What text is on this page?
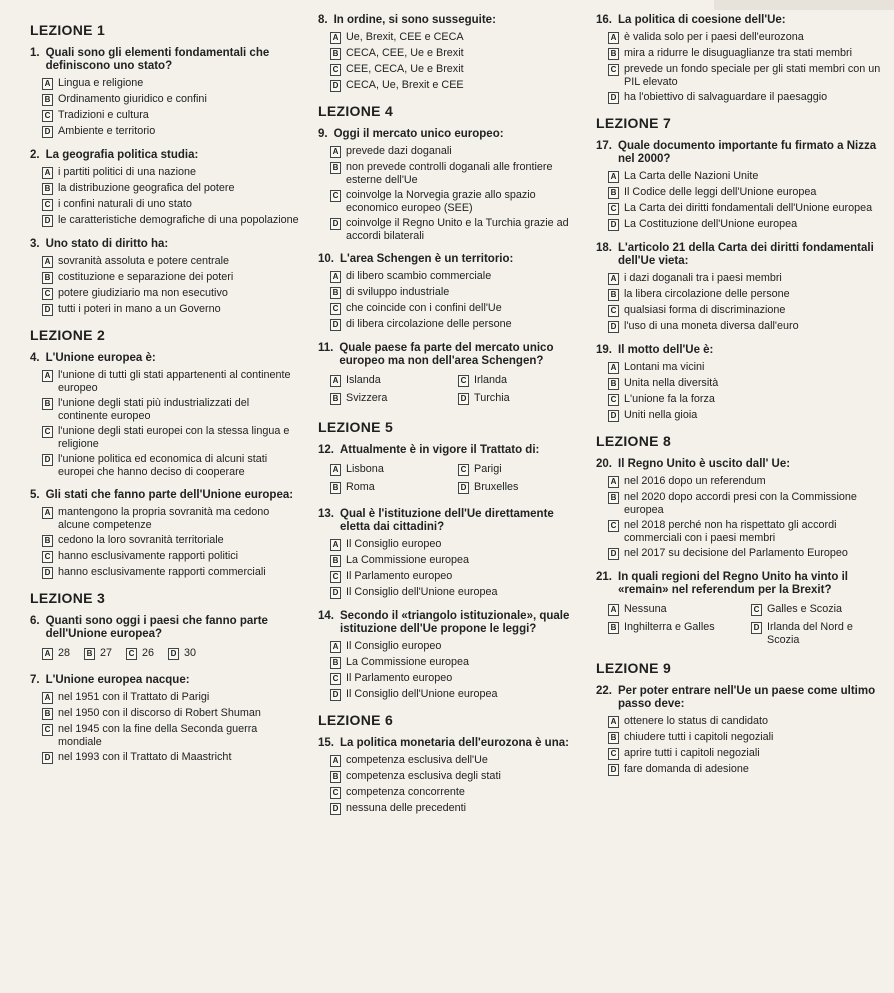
LEZIONE 1
1. Quali sono gli elementi fondamentali che definiscono uno stato?
A Lingua e religione
B Ordinamento giuridico e confini
C Tradizioni e cultura
D Ambiente e territorio
2. La geografia politica studia:
A i partiti politici di una nazione
B la distribuzione geografica del potere
C i confini naturali di uno stato
D le caratteristiche demografiche di una popolazione
3. Uno stato di diritto ha:
A sovranità assoluta e potere centrale
B costituzione e separazione dei poteri
C potere giudiziario ma non esecutivo
D tutti i poteri in mano a un Governo
LEZIONE 2
4. L'Unione europea è:
A l'unione di tutti gli stati appartenenti al continente europeo
B l'unione degli stati più industrializzati del continente europeo
C l'unione degli stati europei con la stessa lingua e religione
D l'unione politica ed economica di alcuni stati europei che hanno deciso di cooperare
5. Gli stati che fanno parte dell'Unione europea:
A mantengono la propria sovranità ma cedono alcune competenze
B cedono la loro sovranità territoriale
C hanno esclusivamente rapporti politici
D hanno esclusivamente rapporti commerciali
LEZIONE 3
6. Quanti sono oggi i paesi che fanno parte dell'Unione europea?
A 28	B 27	C 26	D 30
7. L'Unione europea nacque:
A nel 1951 con il Trattato di Parigi
B nel 1950 con il discorso di Robert Shuman
C nel 1945 con la fine della Seconda guerra mondiale
D nel 1993 con il Trattato di Maastricht
8. In ordine, si sono susseguite:
A Ue, Brexit, CEE e CECA
B CECA, CEE, Ue e Brexit
C CEE, CECA, Ue e Brexit
D CECA, Ue, Brexit e CEE
LEZIONE 4
9. Oggi il mercato unico europeo:
A prevede dazi doganali
B non prevede controlli doganali alle frontiere esterne dell'Ue
C coinvolge la Norvegia grazie allo spazio economico europeo (SEE)
D coinvolge il Regno Unito e la Turchia grazie ad accordi bilaterali
10. L'area Schengen è un territorio:
A di libero scambio commerciale
B di sviluppo industriale
C che coincide con i confini dell'Ue
D di libera circolazione delle persone
11. Quale paese fa parte del mercato unico europeo ma non dell'area Schengen?
A Islanda	C Irlanda
B Svizzera	D Turchia
LEZIONE 5
12. Attualmente è in vigore il Trattato di:
A Lisbona	C Parigi
B Roma	D Bruxelles
13. Qual è l'istituzione dell'Ue direttamente eletta dai cittadini?
A Il Consiglio europeo
B La Commissione europea
C Il Parlamento europeo
D Il Consiglio dell'Unione europea
14. Secondo il «triangolo istituzionale», quale istituzione dell'Ue propone le leggi?
A Il Consiglio europeo
B La Commissione europea
C Il Parlamento europeo
D Il Consiglio dell'Unione europea
LEZIONE 6
15. La politica monetaria dell'eurozona è una:
A competenza esclusiva dell'Ue
B competenza esclusiva degli stati
C competenza concorrente
D nessuna delle precedenti
16. La politica di coesione dell'Ue:
A è valida solo per i paesi dell'eurozona
B mira a ridurre le disuguaglianze tra stati membri
C prevede un fondo speciale per gli stati membri con un PIL elevato
D ha l'obiettivo di salvaguardare il paesaggio
LEZIONE 7
17. Quale documento importante fu firmato a Nizza nel 2000?
A La Carta delle Nazioni Unite
B Il Codice delle leggi dell'Unione europea
C La Carta dei diritti fondamentali dell'Unione europea
D La Costituzione dell'Unione europea
18. L'articolo 21 della Carta dei diritti fondamentali dell'Ue vieta:
A i dazi doganali tra i paesi membri
B la libera circolazione delle persone
C qualsiasi forma di discriminazione
D l'uso di una moneta diversa dall'euro
19. Il motto dell'Ue è:
A Lontani ma vicini
B Unita nella diversità
C L'unione fa la forza
D Uniti nella gioia
LEZIONE 8
20. Il Regno Unito è uscito dall' Ue:
A nel 2016 dopo un referendum
B nel 2020 dopo accordi presi con la Commissione europea
C nel 2018 perché non ha rispettato gli accordi commerciali con i paesi membri
D nel 2017 su decisione del Parlamento Europeo
21. In quali regioni del Regno Unito ha vinto il «remain» nel referendum per la Brexit?
A Nessuna	C Galles e Scozia
B Inghilterra e Galles	D Irlanda del Nord e Scozia
LEZIONE 9
22. Per poter entrare nell'Ue un paese come ultimo passo deve:
A ottenere lo status di candidato
B chiudere tutti i capitoli negoziali
C aprire tutti i capitoli negoziali
D fare domanda di adesione
